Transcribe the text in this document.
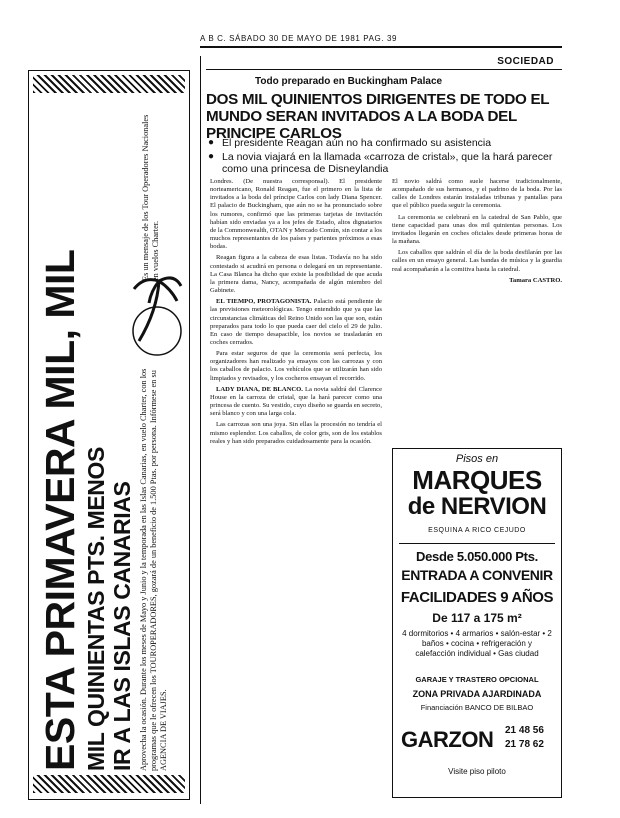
A B C. SÁBADO 30 DE MAYO DE 1981 PAG. 39
SOCIEDAD
Todo preparado en Buckingham Palace
DOS MIL QUINIENTOS DIRIGENTES DE TODO EL MUNDO SERAN INVITADOS A LA BODA DEL PRINCIPE CARLOS
● El presidente Reagan aún no ha confirmado su asistencia
● La novia viajará en la llamada «carroza de cristal», que la hará parecer como una princesa de Disneylandia

Londres. (De nuestra corresponsal). El presidente norteamericano, Ronald Reagan, fue el primero en la lista de invitados a la boda del príncipe Carlos con lady Diana Spencer. El palacio de Buckingham, que aún no se ha pronunciado sobre los rumores, confirmó que las primeras tarjetas de invitación habían sido enviadas ya a los jefes de Estado, altos dignatarios de la Commonwealth, OTAN y Mercado Común, sin contar a los muchos representantes de los países y parientes próximos a esas bodas.

Reagan figura a la cabeza de esas listas. Todavía no ha sido contestado si acudirá en persona o delegará en un representante. La Casa Blanca ha dicho que existe la posibilidad de que acuda la primera dama, Nancy, acompañada de algún miembro del Gabinete.

EL TIEMPO, PROTAGONISTA. Palacio está pendiente de las previsiones meteorológicas. Tengo entendido que ya que las circunstancias climáticas del Reino Unido son las que son, están preparados para todo lo que pueda caer del cielo el 29 de julio. En caso de tiempo desapacible, los novios se trasladarán en coches cerrados.

Para estar seguros de que la ceremonia será perfecta, los organizadores han realizado ya ensayos con las carrozas y con los caballos de palacio. Los vehículos que se utilizarán han sido limpiados y revisados, y los cocheros ensayan el recorrido.

LADY DIANA, DE BLANCO. La novia saldrá del Clarence House en la carroza de cristal, que la hará parecer como una princesa de cuento. Su vestido, cuyo diseño se guarda en secreto, será blanco y con una larga cola.

Las carrozas son una joya. Sin ellas la procesión no tendría el mismo esplendor. Los caballos, de color gris, son de los establos reales y han sido preparados cuidadosamente para la ocasión.

El novio saldrá como suele hacerse tradicionalmente, acompañado de sus hermanos, y el padrino de la boda. Por las calles de Londres estarán instaladas tribunas y pantallas para que el público pueda seguir la ceremonia.

La ceremonia se celebrará en la catedral de San Pablo, que tiene capacidad para unas dos mil quinientas personas. Los invitados llegarán en coches oficiales desde primeras horas de la mañana.

Los caballos que saldrán el día de la boda desfilarán por las calles en un ensayo general. Las bandas de música y la guardia real acompañarán a la comitiva hasta la catedral.

Tamara CASTRO.
ESTA PRIMAVERA MIL, MIL MIL QUINIENTAS PTS. MENOS IR A LAS ISLAS CANARIAS Aprovecha la ocasión. Durante los meses de Mayo y Junio y la temporada en las Islas Canarias, en vuelo Charter, con los programas que le ofrecen los TOUROPERADORES, gozará de un beneficio de 1.500 Ptas. por persona. Infórmese en su AGENCIA DE VIAJES.
Es un mensaje de los Tour Operadores Nacionales en vuelos Charter.
Pisos en
MARQUES
de NERVION
ESQUINA A RICO CEJUDO
Desde 5.050.000 Pts.
ENTRADA A CONVENIR
FACILIDADES 9 AÑOS
De 117 a 175 m²
4 dormitorios • 4 armarios • salón-estar • 2 baños • cocina • refrigeración y calefacción individual • Gas ciudad
GARAJE Y TRASTERO OPCIONAL
ZONA PRIVADA AJARDINADA
Financiación BANCO DE BILBAO
GARZON 21 48 56
21 78 62
Visite piso piloto
